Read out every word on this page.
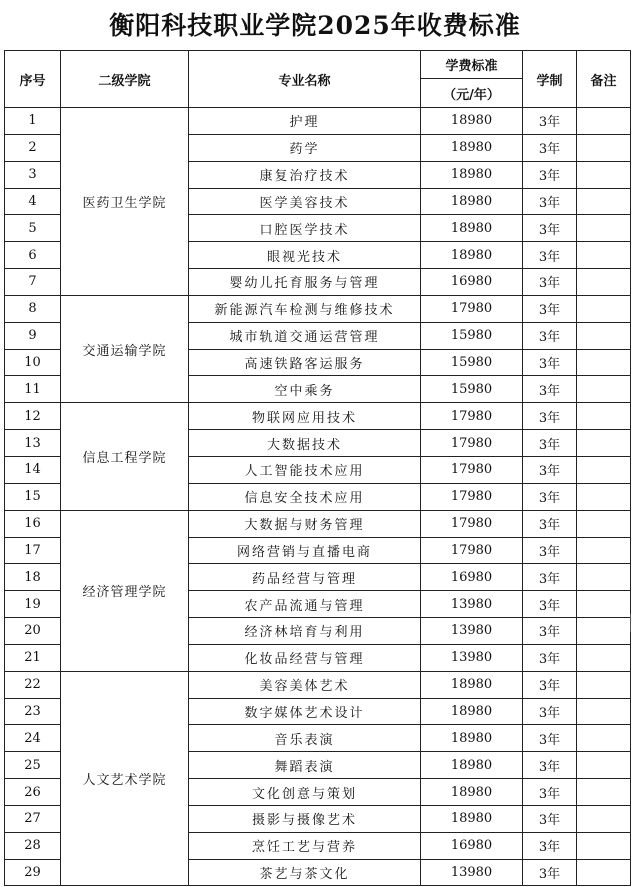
衡阳科技职业学院2025年收费标准
序号	二级学院	专业名称	学费标准	学制	备注
			（元/年）		
1	医药卫生学院	护理	18980	3年	
2		药学	18980	3年	
3		康复治疗技术	18980	3年	
4		医学美容技术	18980	3年	
5		口腔医学技术	18980	3年	
6		眼视光技术	18980	3年	
7		婴幼儿托育服务与管理	16980	3年	
8	交通运输学院	新能源汽车检测与维修技术	17980	3年	
9		城市轨道交通运营管理	15980	3年	
10		高速铁路客运服务	15980	3年	
11		空中乘务	15980	3年	
12	信息工程学院	物联网应用技术	17980	3年	
13		大数据技术	17980	3年	
14		人工智能技术应用	17980	3年	
15		信息安全技术应用	17980	3年	
16	经济管理学院	大数据与财务管理	17980	3年	
17		网络营销与直播电商	17980	3年	
18		药品经营与管理	16980	3年	
19		农产品流通与管理	13980	3年	
20		经济林培育与利用	13980	3年	
21		化妆品经营与管理	13980	3年	
22	人文艺术学院	美容美体艺术	18980	3年	
23		数字媒体艺术设计	18980	3年	
24		音乐表演	18980	3年	
25		舞蹈表演	18980	3年	
26		文化创意与策划	18980	3年	
27		摄影与摄像艺术	18980	3年	
28		烹饪工艺与营养	16980	3年	
29		茶艺与茶文化	13980	3年	
